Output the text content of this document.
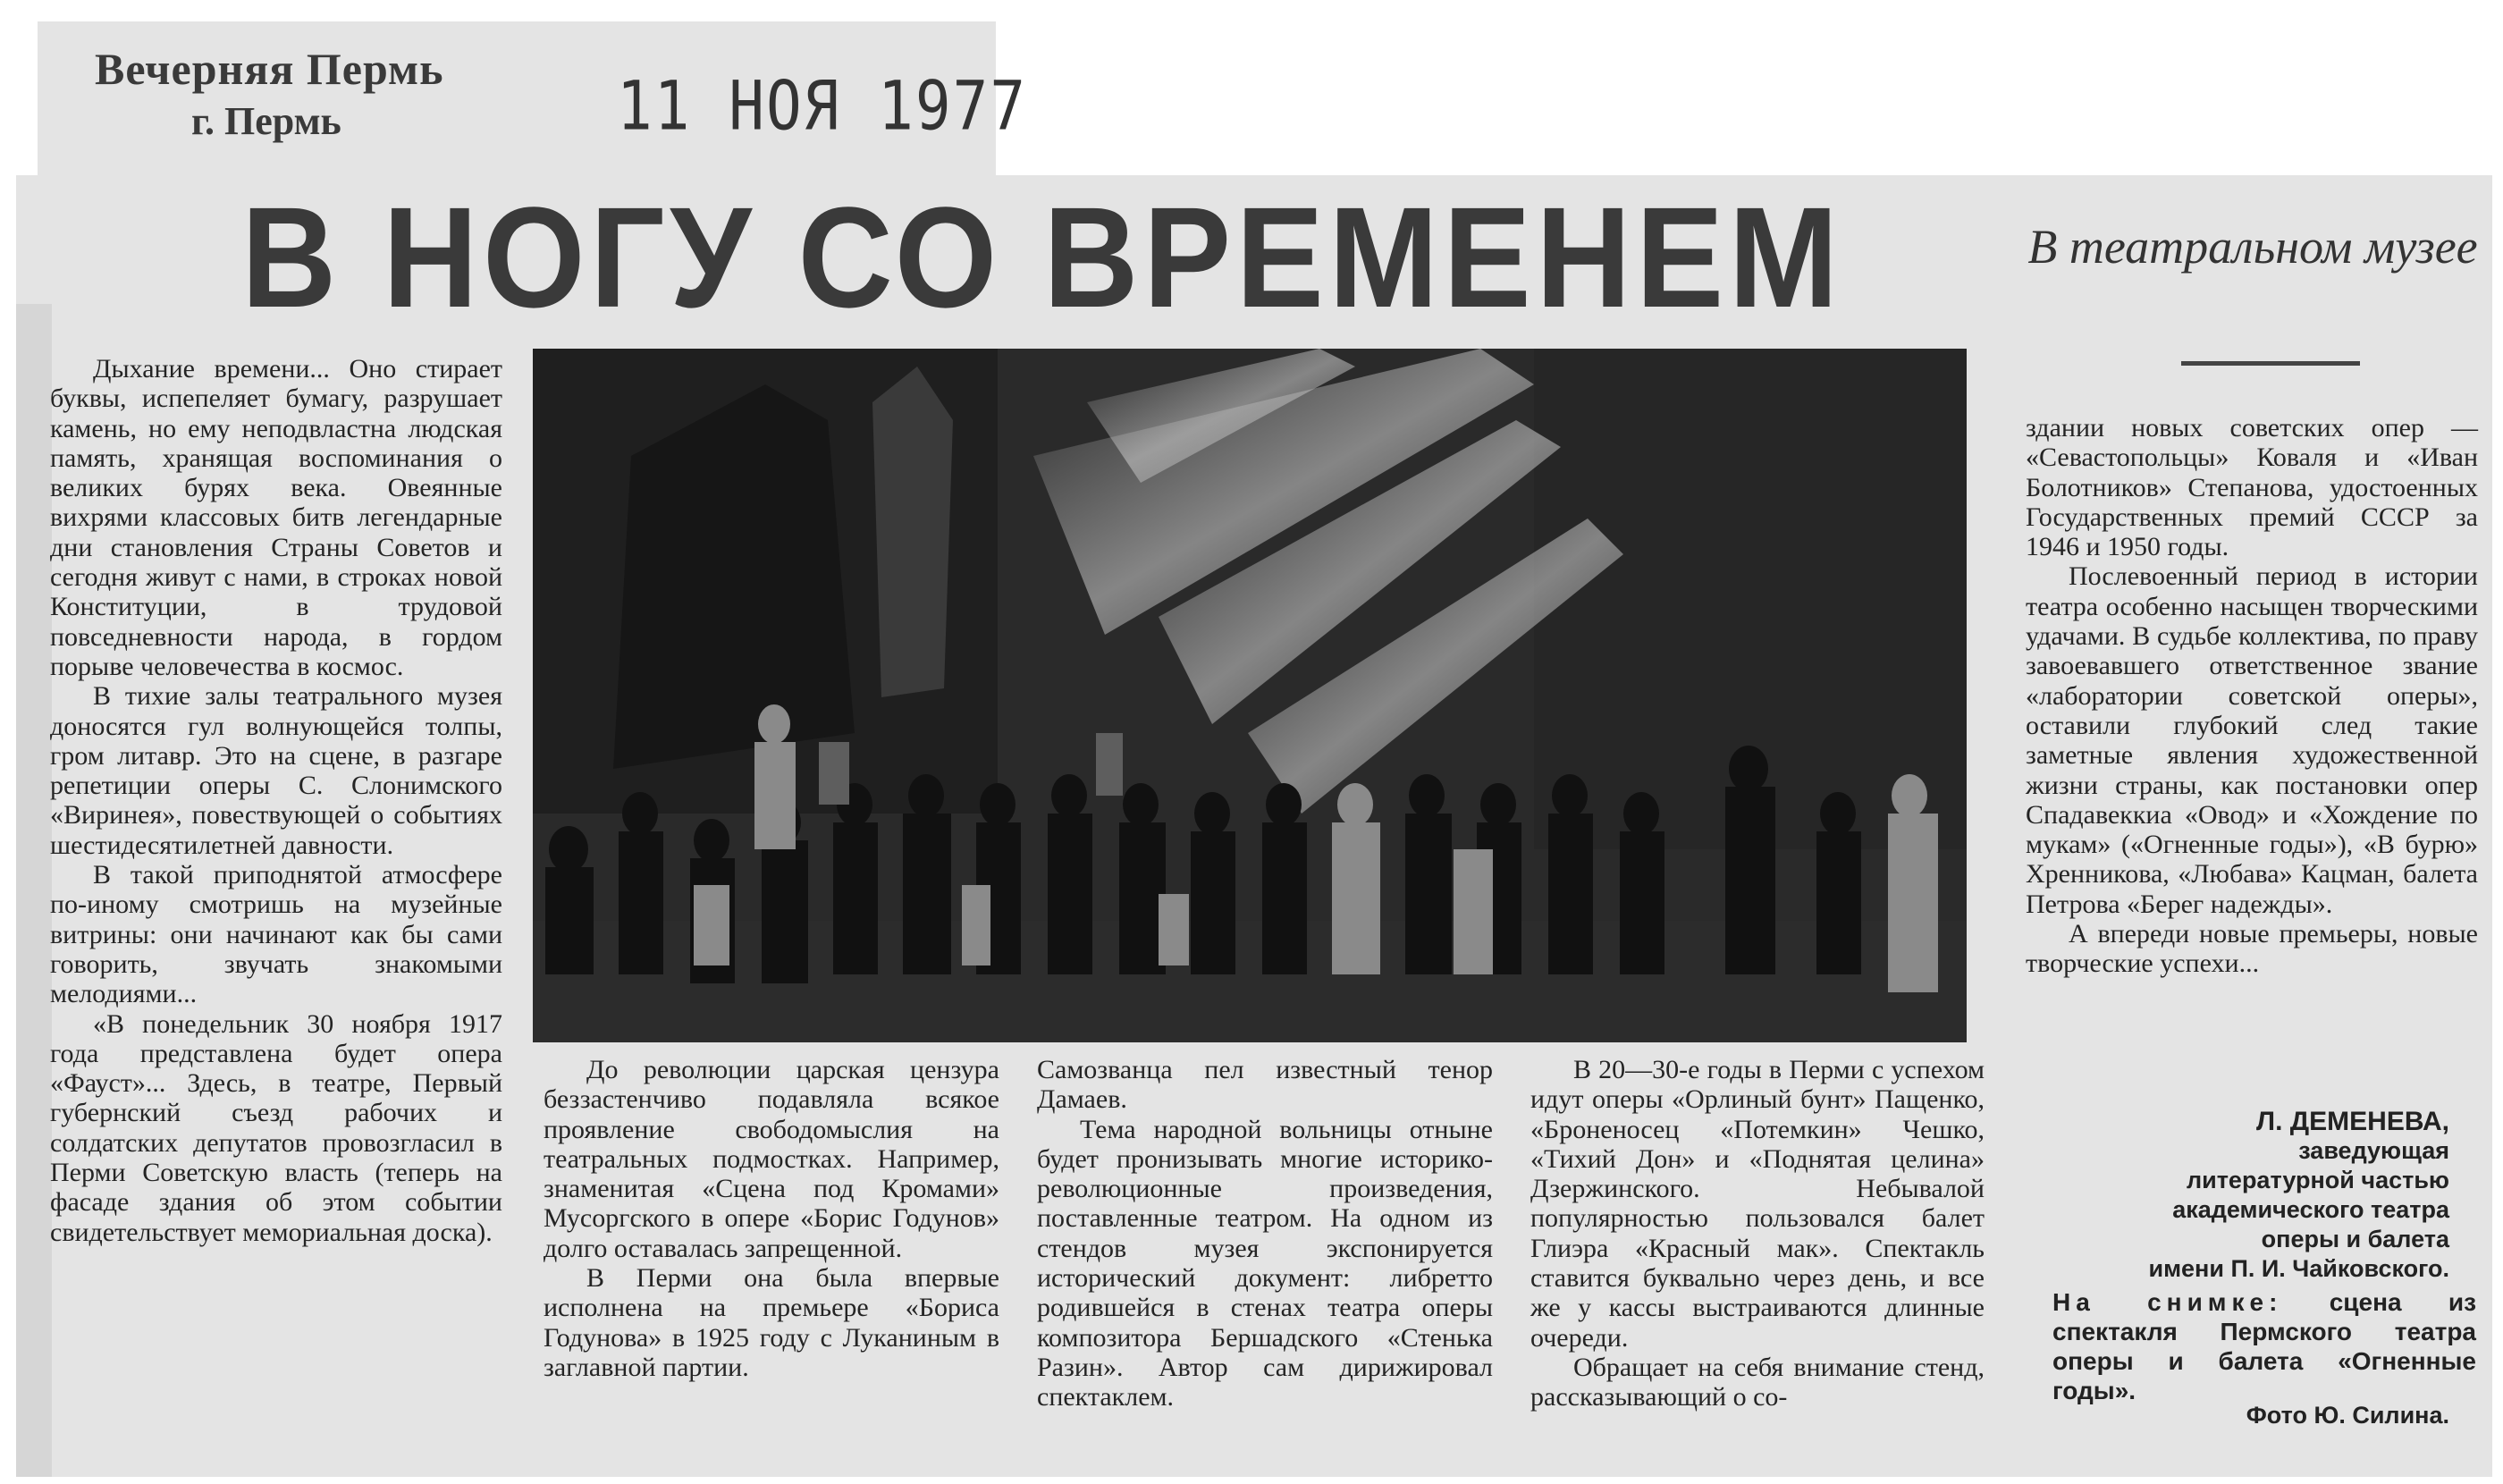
Вечерняя Пермь
г. Пермь	11 НОЯ 1977
В НОГУ СО ВРЕМЕНЕМ	В театральном музее

Дыхание времени... Оно стирает буквы, испепеляет бумагу, разрушает камень, но ему неподвластна людская память, хранящая воспоминания о великих бурях века. Овеянные вихрями классовых битв легендарные дни становления Страны Советов и сегодня живут с нами, в строках новой Конституции, в трудовой повседневности народа, в гордом порыве человечества в космос.

В тихие залы театрального музея доносятся гул волнующейся толпы, гром литавр. Это на сцене, в разгаре репетиции оперы С. Слонимского «Виринея», повествующей о событиях шестидесятилетней давности.

В такой приподнятой атмосфере по-иному смотришь на музейные витрины: они начинают как бы сами говорить, звучать знакомыми мелодиями...

«В понедельник 30 ноября 1917 года представлена будет опера «Фауст»... Здесь, в театре, Первый губернский съезд рабочих и солдатских депутатов провозгласил в Перми Советскую власть (теперь на фасаде здания об этом событии свидетельствует мемориальная доска).

До революции царская цензура беззастенчиво подавляла всякое проявление свободомыслия на театральных подмостках. Например, знаменитая «Сцена под Кромами» Мусоргского в опере «Борис Годунов» долго оставалась запрещенной.

В Перми она была впервые исполнена на премьере «Бориса Годунова» в 1925 году с Луканиным в заглавной партии.

Самозванца пел известный тенор Дамаев.

Тема народной вольницы отныне будет пронизывать многие историко-революционные произведения, поставленные театром. На одном из стендов музея экспонируется исторический документ: либретто родившейся в стенах театра оперы композитора Бершадского «Стенька Разин». Автор сам дирижировал спектаклем.

В 20—30-е годы в Перми с успехом идут оперы «Орлиный бунт» Пащенко, «Броненосец «Потемкин» Чешко, «Тихий Дон» и «Поднятая целина» Дзержинского. Небывалой популярностью пользовался балет Глиэра «Красный мак». Спектакль ставится буквально через день, и все же у кассы выстраиваются длинные очереди.

Обращает на себя внимание стенд, рассказывающий о со-

здании новых советских опер — «Севастопольцы» Коваля и «Иван Болотников» Степанова, удостоенных Государственных премий СССР за 1946 и 1950 годы.

Послевоенный период в истории театра особенно насыщен творческими удачами. В судьбе коллектива, по праву завоевавшего ответственное звание «лаборатории советской оперы», оставили глубокий след такие заметные явления художественной жизни страны, как постановки опер Спадавеккиа «Овод» и «Хождение по мукам» («Огненные годы»), «В бурю» Хренникова, «Любава» Кацман, балета Петрова «Берег надежды».

А впереди новые премьеры, новые творческие успехи...

Л. ДЕМЕНЕВА,
заведующая
литературной частью
академического театра
оперы и балета
имени П. И. Чайковского.
На снимке: сцена из спектакля Пермского театра оперы и балета «Огненные годы».
Фото Ю. Силина.
